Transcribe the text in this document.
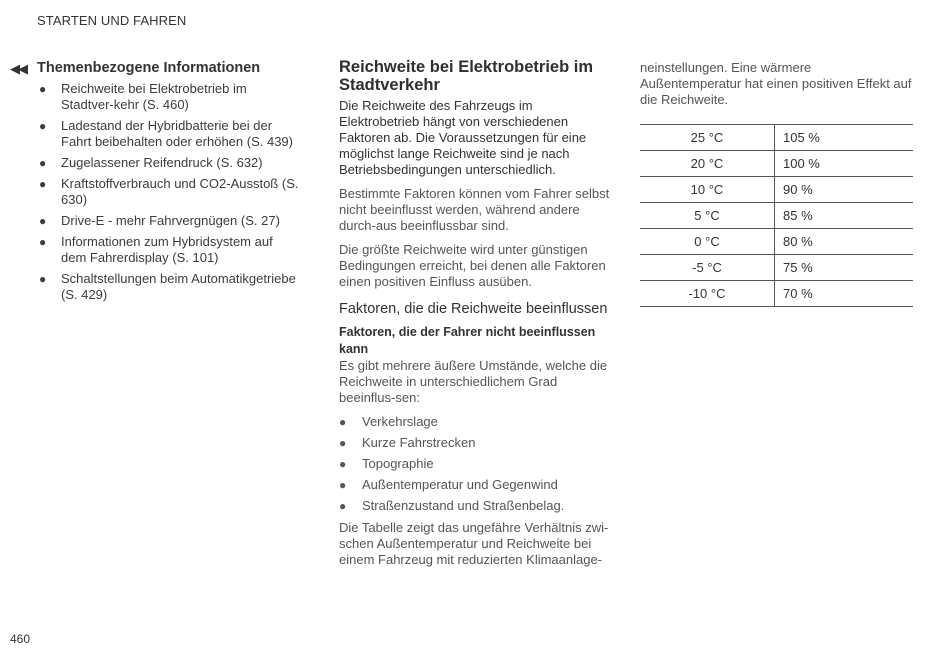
STARTEN UND FAHREN
◀◀ Themenbezogene Informationen
● Reichweite bei Elektrobetrieb im Stadtver-kehr (S. 460)
● Ladestand der Hybridbatterie bei der Fahrt beibehalten oder erhöhen (S. 439)
● Zugelassener Reifendruck (S. 632)
● Kraftstoffverbrauch und CO2-Ausstoß (S. 630)
● Drive-E - mehr Fahrvergnügen (S. 27)
● Informationen zum Hybridsystem auf dem Fahrerdisplay (S. 101)
● Schaltstellungen beim Automatikgetriebe (S. 429)
Reichweite bei Elektrobetrieb im Stadtverkehr

Die Reichweite des Fahrzeugs im Elektrobetrieb hängt von verschiedenen Faktoren ab. Die Voraussetzungen für eine möglichst lange Reichweite sind je nach Betriebsbedingungen unterschiedlich.

Bestimmte Faktoren können vom Fahrer selbst nicht beeinflusst werden, während andere durch-aus beeinflussbar sind.

Die größte Reichweite wird unter günstigen Bedingungen erreicht, bei denen alle Faktoren einen positiven Einfluss ausüben.

Faktoren, die die Reichweite beeinflussen
Faktoren, die der Fahrer nicht beeinflussen kann

Es gibt mehrere äußere Umstände, welche die Reichweite in unterschiedlichem Grad beeinflus-sen:

● Verkehrslage
● Kurze Fahrstrecken
● Topographie
● Außentemperatur und Gegenwind
● Straßenzustand und Straßenbelag.

Die Tabelle zeigt das ungefähre Verhältnis zwi-schen Außentemperatur und Reichweite bei einem Fahrzeug mit reduzierten Klimaanlage-

neinstellungen. Eine wärmere Außentemperatur hat einen positiven Effekt auf die Reichweite.

25 °C	105 %
20 °C	100 %
10 °C	90 %
5 °C	85 %
0 °C	80 %
-5 °C	75 %
-10 °C	70 %
460
